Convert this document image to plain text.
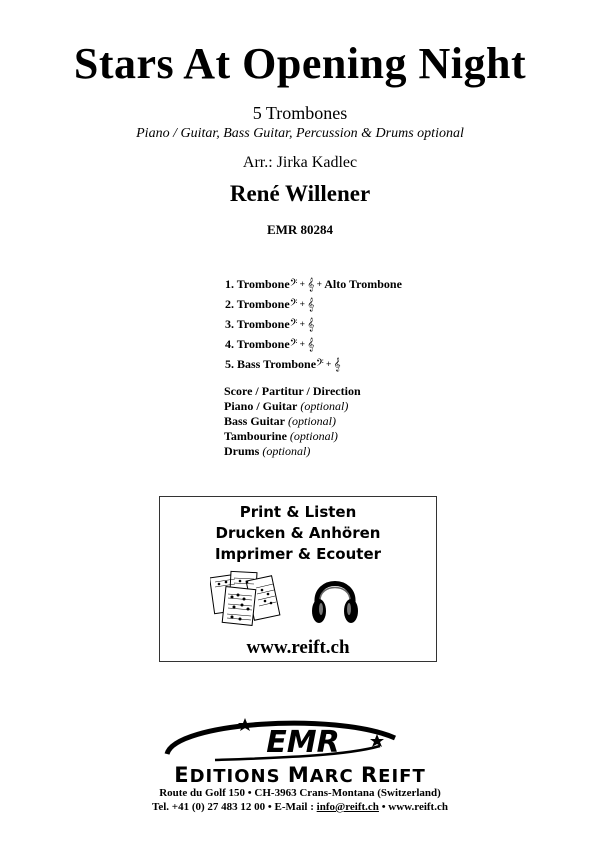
Stars At Opening Night
5 Trombones
Piano / Guitar, Bass Guitar, Percussion & Drums optional
Arr.: Jirka Kadlec
René Willener
EMR 80284
1. Trombone 𝄢 + 𝄞 + Alto Trombone
2. Trombone 𝄢 + 𝄞
3. Trombone 𝄢 + 𝄞
4. Trombone 𝄢 + 𝄞
5. Bass Trombone 𝄢 + 𝄞
Score / Partitur / Direction
Piano / Guitar (optional)
Bass Guitar (optional)
Tambourine (optional)
Drums (optional)
Print & Listen
Drucken & Anhören
Imprimer & Ecouter
www.reift.ch
EMR
EDITIONS MARC REIFT
Route du Golf 150 • CH-3963 Crans-Montana (Switzerland)
Tel. +41 (0) 27 483 12 00 • E-Mail : info@reift.ch • www.reift.ch
